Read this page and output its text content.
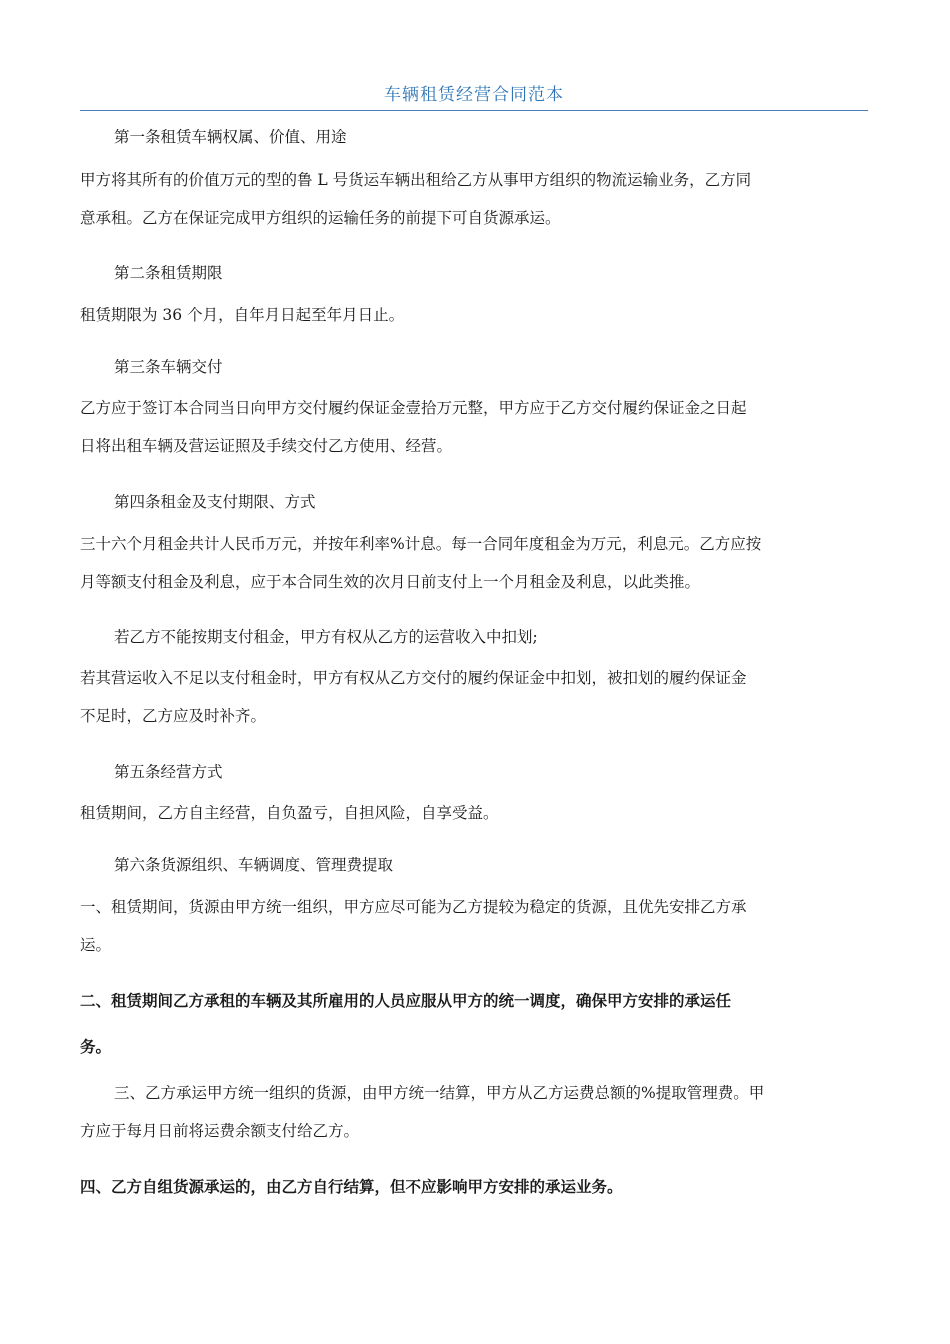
车辆租赁经营合同范本
第一条租赁车辆权属、价值、用途
甲方将其所有的价值万元的型的鲁 L 号货运车辆出租给乙方从事甲方组织的物流运输业务，乙方同
意承租。乙方在保证完成甲方组织的运输任务的前提下可自货源承运。
第二条租赁期限
租赁期限为 36 个月，自年月日起至年月日止。
第三条车辆交付
乙方应于签订本合同当日向甲方交付履约保证金壹拾万元整，甲方应于乙方交付履约保证金之日起
日将出租车辆及营运证照及手续交付乙方使用、经营。
第四条租金及支付期限、方式
三十六个月租金共计人民币万元，并按年利率%计息。每一合同年度租金为万元，利息元。乙方应按
月等额支付租金及利息，应于本合同生效的次月日前支付上一个月租金及利息，以此类推。
若乙方不能按期支付租金，甲方有权从乙方的运营收入中扣划;
若其营运收入不足以支付租金时，甲方有权从乙方交付的履约保证金中扣划，被扣划的履约保证金
不足时，乙方应及时补齐。
第五条经营方式
租赁期间，乙方自主经营，自负盈亏，自担风险，自享受益。
第六条货源组织、车辆调度、管理费提取
一、租赁期间，货源由甲方统一组织，甲方应尽可能为乙方提较为稳定的货源，且优先安排乙方承
运。
二、租赁期间乙方承租的车辆及其所雇用的人员应服从甲方的统一调度，确保甲方安排的承运任
务。
三、乙方承运甲方统一组织的货源，由甲方统一结算，甲方从乙方运费总额的%提取管理费。甲
方应于每月日前将运费余额支付给乙方。
四、乙方自组货源承运的，由乙方自行结算，但不应影响甲方安排的承运业务。
